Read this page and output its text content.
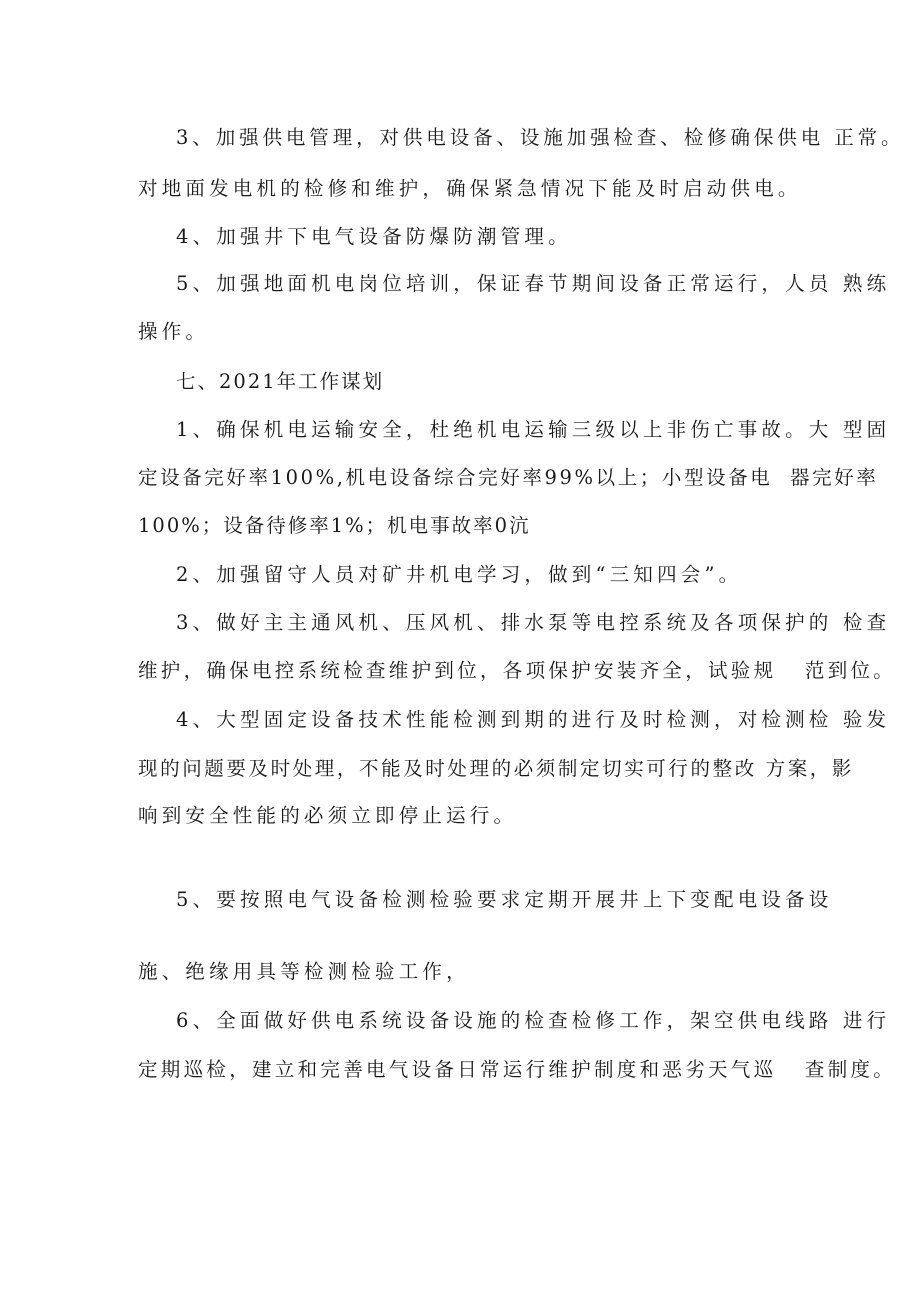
3、加强供电管理，对供电设备、设施加强检查、检修确保供电 正常。
对地面发电机的检修和维护，确保紧急情况下能及时启动供电。
4、加强井下电气设备防爆防潮管理。
5、加强地面机电岗位培训，保证春节期间设备正常运行，人员 熟练
操作。
七、2021年工作谋划
1、确保机电运输安全，杜绝机电运输三级以上非伤亡事故。大 型固
定设备完好率100%,机电设备综合完好率99%以上；小型设备电  器完好率
100%；设备待修率1%；机电事故率0沆
2、加强留守人员对矿井机电学习，做到“三知四会”。
3、做好主主通风机、压风机、排水泵等电控系统及各项保护的 检查
维护，确保电控系统检查维护到位，各项保护安装齐全，试验规   范到位。
4、大型固定设备技术性能检测到期的进行及时检测，对检测检 验发
现的问题要及时处理，不能及时处理的必须制定切实可行的整改 方案，影
响到安全性能的必须立即停止运行。
5、要按照电气设备检测检验要求定期开展井上下变配电设备设
施、绝缘用具等检测检验工作，
6、全面做好供电系统设备设施的检查检修工作，架空供电线路 进行
定期巡检，建立和完善电气设备日常运行维护制度和恶劣天气巡   查制度。
